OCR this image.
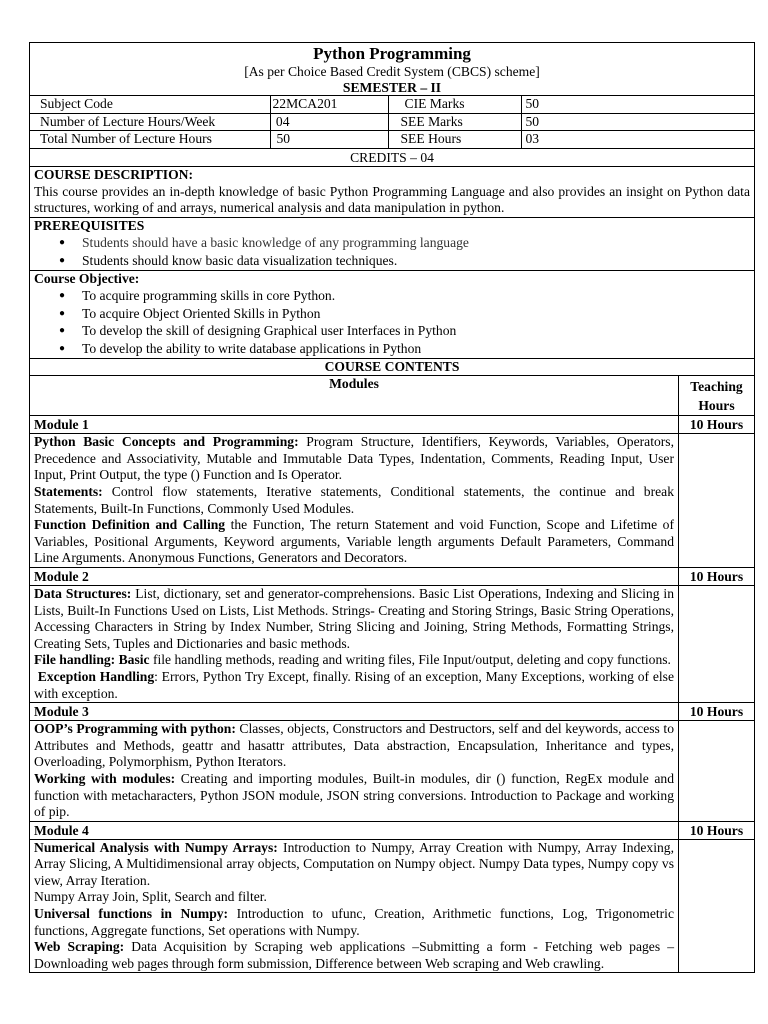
Python Programming
[As per Choice Based Credit System (CBCS) scheme]
SEMESTER – II
Subject Code	22MCA201	CIE Marks	50
Number of Lecture Hours/Week	04	SEE Marks	50
Total Number of Lecture Hours	50	SEE Hours	03
CREDITS – 04

COURSE DESCRIPTION:
This course provides an in-depth knowledge of basic Python Programming Language and also provides an insight on Python data structures, working of and arrays, numerical analysis and data manipulation in python.

PREREQUISITES
● Students should have a basic knowledge of any programming language
● Students should know basic data visualization techniques.

Course Objective:
● To acquire programming skills in core Python.
● To acquire Object Oriented Skills in Python
● To develop the skill of designing Graphical user Interfaces in Python
● To develop the ability to write database applications in Python

COURSE CONTENTS
Modules	Teaching
Hours
Module 1	10 Hours

Python Basic Concepts and Programming: Program Structure, Identifiers, Keywords, Variables, Operators, Precedence and Associativity, Mutable and Immutable Data Types, Indentation, Comments, Reading Input, User Input, Print Output, the type () Function and Is Operator.
Statements: Control flow statements, Iterative statements, Conditional statements, the continue and break Statements, Built-In Functions, Commonly Used Modules.
Function Definition and Calling the Function, The return Statement and void Function, Scope and Lifetime of Variables, Positional Arguments, Keyword arguments, Variable length arguments Default Parameters, Command Line Arguments. Anonymous Functions, Generators and Decorators.

Module 2	10 Hours

Data Structures: List, dictionary, set and generator-comprehensions. Basic List Operations, Indexing and Slicing in Lists, Built-In Functions Used on Lists, List Methods. Strings- Creating and Storing Strings, Basic String Operations, Accessing Characters in String by Index Number, String Slicing and Joining, String Methods, Formatting Strings, Creating Sets, Tuples and Dictionaries and basic methods.
File handling: Basic file handling methods, reading and writing files, File Input/output, deleting and copy functions.
Exception Handling: Errors, Python Try Except, finally. Rising of an exception, Many Exceptions, working of else with exception.

Module 3	10 Hours

OOP’s Programming with python: Classes, objects, Constructors and Destructors, self and del keywords, access to Attributes and Methods, geattr and hasattr attributes, Data abstraction, Encapsulation, Inheritance and types, Overloading, Polymorphism, Python Iterators.
Working with modules: Creating and importing modules, Built-in modules, dir () function, RegEx module and function with metacharacters, Python JSON module, JSON string conversions. Introduction to Package and working of pip.

Module 4	10 Hours

Numerical Analysis with Numpy Arrays: Introduction to Numpy, Array Creation with Numpy, Array Indexing, Array Slicing, A Multidimensional array objects, Computation on Numpy object. Numpy Data types, Numpy copy vs view, Array Iteration.
Numpy Array Join, Split, Search and filter.
Universal functions in Numpy: Introduction to ufunc, Creation, Arithmetic functions, Log, Trigonometric functions, Aggregate functions, Set operations with Numpy.
Web Scraping: Data Acquisition by Scraping web applications –Submitting a form - Fetching web pages – Downloading web pages through form submission, Difference between Web scraping and Web crawling.
